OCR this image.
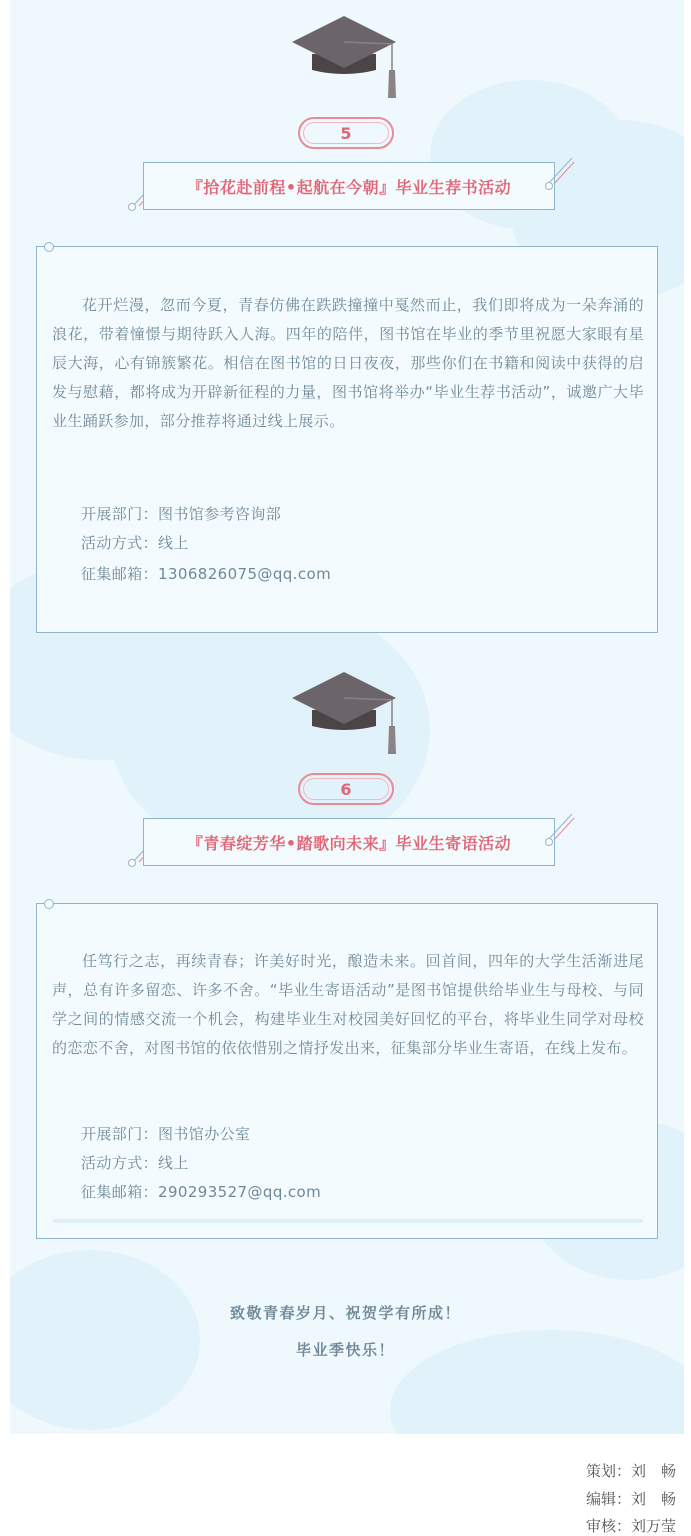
5
『拾花赴前程•起航在今朝』毕业生荐书活动

花开烂漫，忽而今夏，青春仿佛在跌跌撞撞中戛然而止，我们即将成为一朵奔涌的浪花，带着憧憬与期待跃入人海。四年的陪伴，图书馆在毕业的季节里祝愿大家眼有星辰大海，心有锦簇繁花。相信在图书馆的日日夜夜，那些你们在书籍和阅读中获得的启发与慰藉，都将成为开辟新征程的力量，图书馆将举办“毕业生荐书活动”，诚邀广大毕业生踊跃参加，部分推荐将通过线上展示。

开展部门：图书馆参考咨询部
活动方式：线上
征集邮箱：1306826075@qq.com
6
『青春绽芳华•踏歌向未来』毕业生寄语活动

任笃行之志，再续青春；许美好时光，酿造未来。回首间，四年的大学生活渐进尾声，总有许多留恋、许多不舍。“毕业生寄语活动”是图书馆提供给毕业生与母校、与同学之间的情感交流一个机会，构建毕业生对校园美好回忆的平台，将毕业生同学对母校的恋恋不舍，对图书馆的依依惜别之情抒发出来，征集部分毕业生寄语，在线上发布。

开展部门：图书馆办公室
活动方式：线上
征集邮箱：290293527@qq.com
致敬青春岁月、祝贺学有所成！
毕业季快乐！
策划：刘　畅
编辑：刘　畅
审核：刘万莹
